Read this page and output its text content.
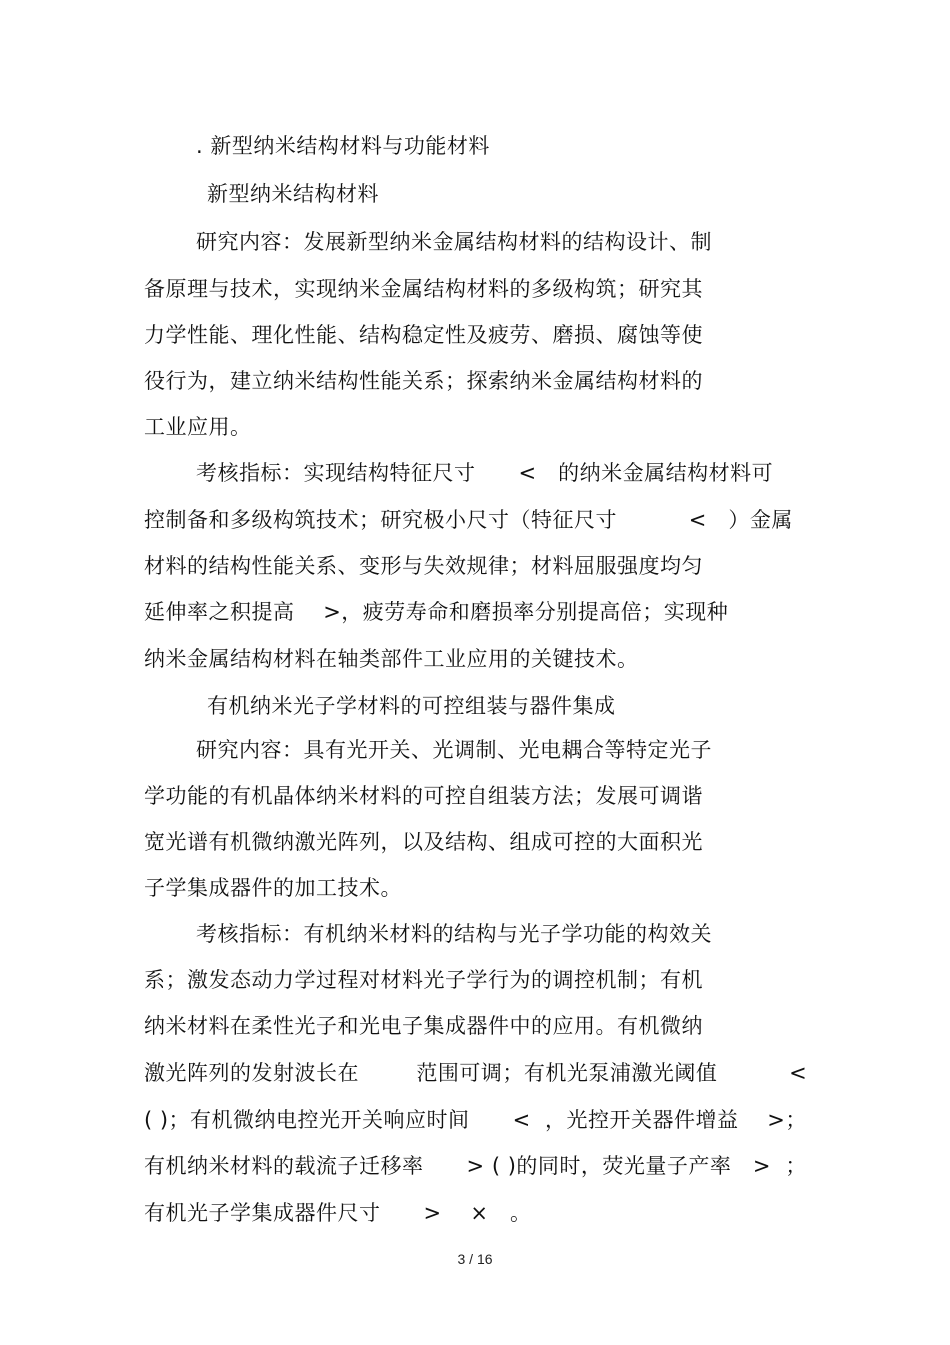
. 新型纳米结构材料与功能材料
新型纳米结构材料
研究内容：发展新型纳米金属结构材料的结构设计、制
备原理与技术，实现纳米金属结构材料的多级构筑；研究其
力学性能、理化性能、结构稳定性及疲劳、磨损、腐蚀等使
役行为，建立纳米结构性能关系；探索纳米金属结构材料的
工业应用。
考核指标：实现结构特征尺寸      <   的纳米金属结构材料可
控制备和多级构筑技术；研究极小尺寸（特征尺寸          <   ）金属
材料的结构性能关系、变形与失效规律；材料屈服强度均匀
延伸率之积提高    >，疲劳寿命和磨损率分别提高倍；实现种
纳米金属结构材料在轴类部件工业应用的关键技术。
有机纳米光子学材料的可控组装与器件集成
研究内容：具有光开关、光调制、光电耦合等特定光子
学功能的有机晶体纳米材料的可控自组装方法；发展可调谐
宽光谱有机微纳激光阵列，以及结构、组成可控的大面积光
子学集成器件的加工技术。
考核指标：有机纳米材料的结构与光子学功能的构效关
系；激发态动力学过程对材料光子学行为的调控机制；有机
纳米材料在柔性光子和光电子集成器件中的应用。有机微纳
激光阵列的发射波长在        范围可调；有机光泵浦激光阈值          <
( )；有机微纳电控光开关响应时间      <  ，光控开关器件增益    >；
有机纳米材料的载流子迁移率      > ( )的同时，荧光量子产率   >  ；
有机光子学集成器件尺寸      >    ×   。
3 / 16
